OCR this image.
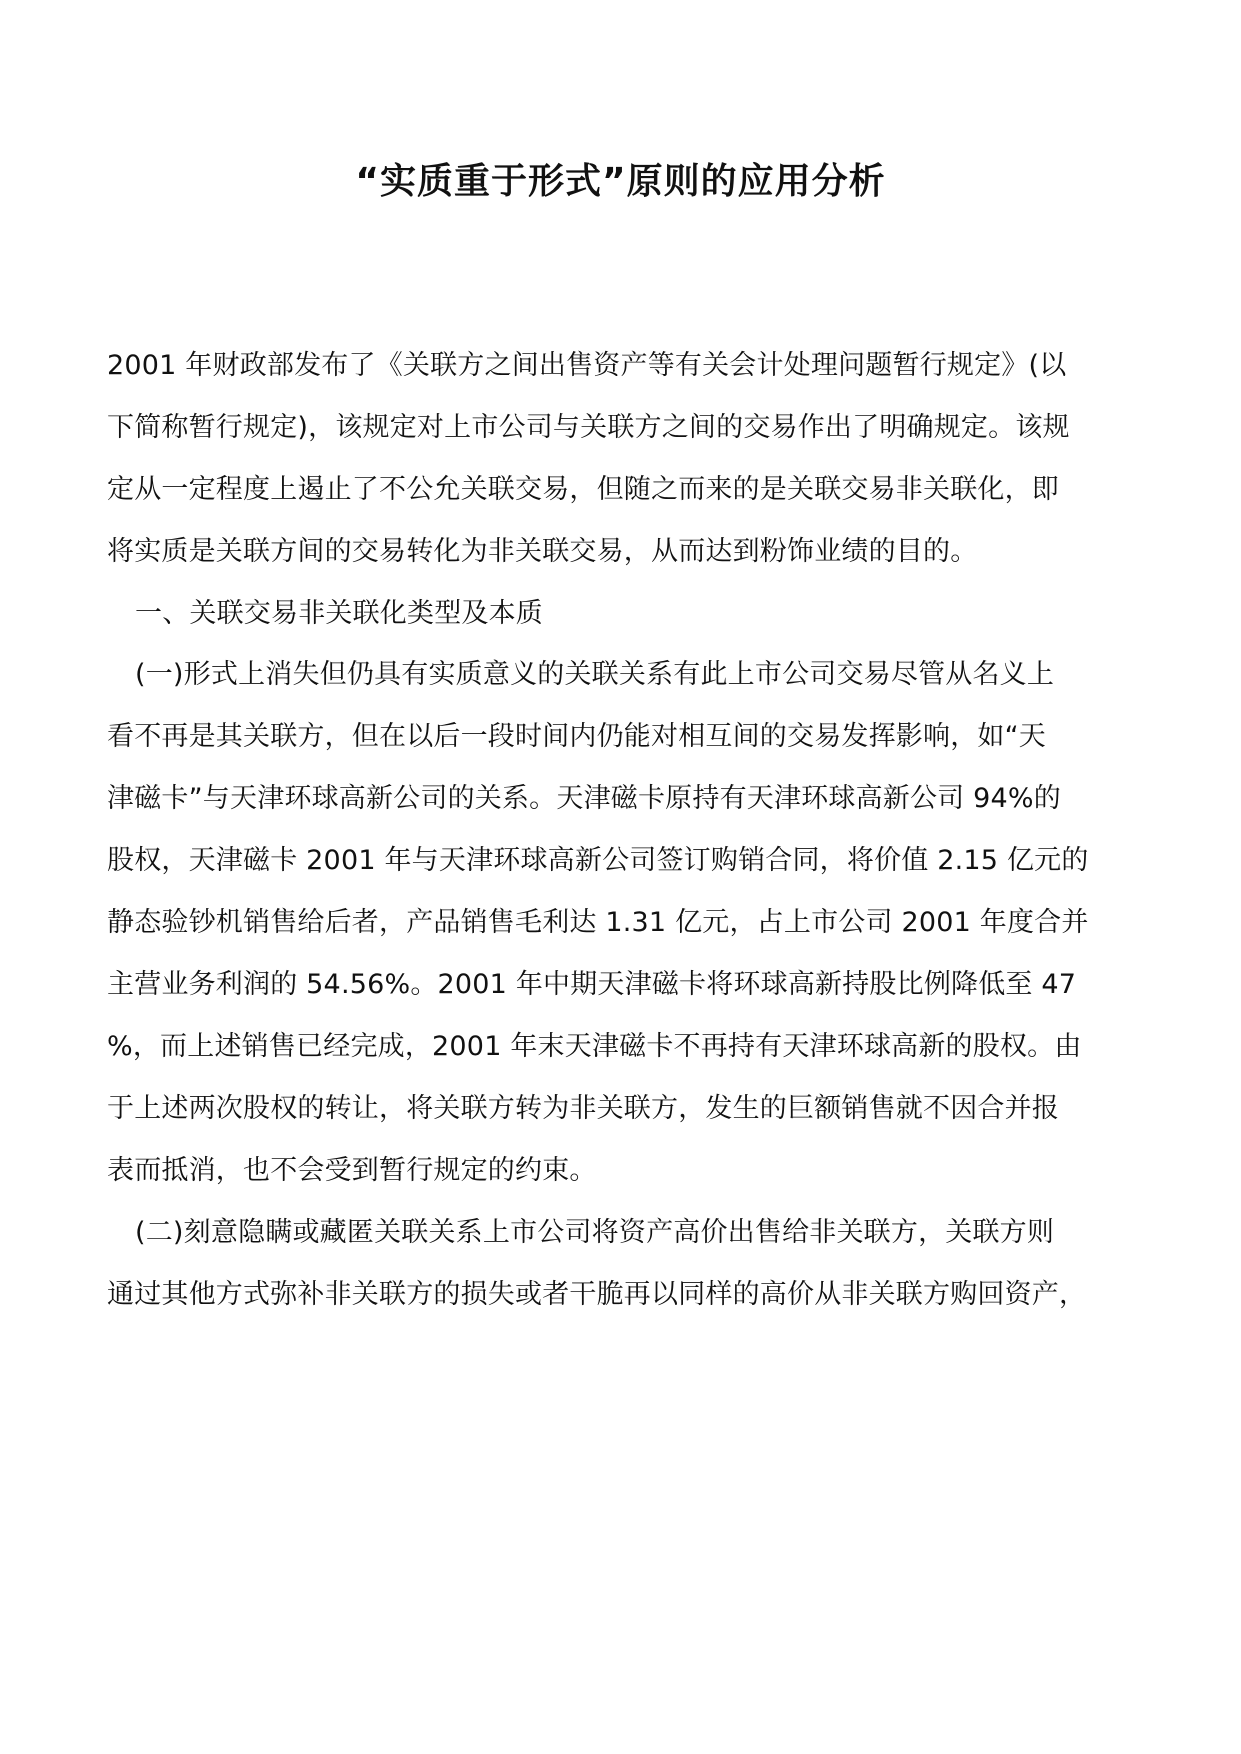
“实质重于形式”原则的应用分析
2001 年财政部发布了《关联方之间出售资产等有关会计处理问题暂行规定》(以
下简称暂行规定)，该规定对上市公司与关联方之间的交易作出了明确规定。该规
定从一定程度上遏止了不公允关联交易，但随之而来的是关联交易非关联化，即
将实质是关联方间的交易转化为非关联交易，从而达到粉饰业绩的目的。
一、关联交易非关联化类型及本质
(一)形式上消失但仍具有实质意义的关联关系有此上市公司交易尽管从名义上
看不再是其关联方，但在以后一段时间内仍能对相互间的交易发挥影响，如“天
津磁卡”与天津环球高新公司的关系。天津磁卡原持有天津环球高新公司 94%的
股权，天津磁卡 2001 年与天津环球高新公司签订购销合同，将价值 2.15 亿元的
静态验钞机销售给后者，产品销售毛利达 1.31 亿元，占上市公司 2001 年度合并
主营业务利润的 54.56%。2001 年中期天津磁卡将环球高新持股比例降低至 47
%，而上述销售已经完成，2001 年末天津磁卡不再持有天津环球高新的股权。由
于上述两次股权的转让，将关联方转为非关联方，发生的巨额销售就不因合并报
表而抵消，也不会受到暂行规定的约束。
(二)刻意隐瞒或藏匿关联关系上市公司将资产高价出售给非关联方，关联方则
通过其他方式弥补非关联方的损失或者干脆再以同样的高价从非关联方购回资产，
